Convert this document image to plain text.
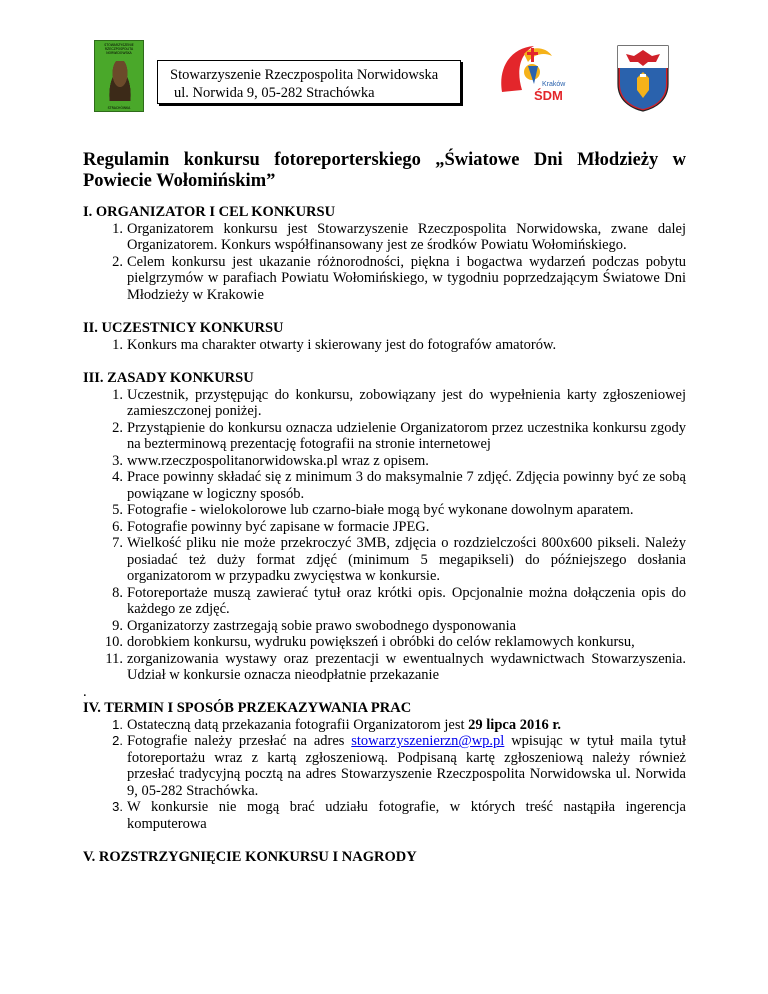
STOWARZYSZENIE RZECZPOSPOLITA NORWIDOWSKA
STRACHÓWKA
Stowarzyszenie Rzeczpospolita Norwidowska
ul. Norwida 9, 05-282 Strachówka
Kraków
ŚDM
Regulamin konkursu fotoreporterskiego „Światowe Dni Młodzieży w
Powiecie Wołomińskim”

I. ORGANIZATOR I CEL KONKURSU

1. Organizatorem konkursu jest Stowarzyszenie Rzeczpospolita Norwidowska, zwane dalej Organizatorem. Konkurs współfinansowany jest ze środków Powiatu Wołomińskiego.
2. Celem konkursu jest ukazanie różnorodności, piękna i bogactwa wydarzeń podczas pobytu pielgrzymów w parafiach Powiatu Wołomińskiego, w tygodniu poprzedzającym Światowe Dni Młodzieży w Krakowie

II. UCZESTNICY KONKURSU

1. Konkurs ma charakter otwarty i skierowany jest do fotografów amatorów.

III. ZASADY KONKURSU

1. Uczestnik, przystępując do konkursu, zobowiązany jest do wypełnienia karty zgłoszeniowej zamieszczonej poniżej.
2. Przystąpienie do konkursu oznacza udzielenie Organizatorom przez uczestnika konkursu zgody na bezterminową prezentację fotografii na stronie internetowej
3. www.rzeczpospolitanorwidowska.pl wraz z opisem.
4. Prace powinny składać się z minimum 3 do maksymalnie 7 zdjęć. Zdjęcia powinny być ze sobą powiązane w logiczny sposób.
5. Fotografie - wielokolorowe lub czarno-białe mogą być wykonane dowolnym aparatem.
6. Fotografie powinny być zapisane w formacie JPEG.
7. Wielkość pliku nie może przekroczyć 3MB, zdjęcia o rozdzielczości 800x600 pikseli. Należy posiadać też duży format zdjęć (minimum 5 megapikseli) do późniejszego dosłania organizatorom w przypadku zwycięstwa w konkursie.
8. Fotoreportaże muszą zawierać tytuł oraz krótki opis. Opcjonalnie można dołączenia opis do każdego ze zdjęć.
9. Organizatorzy zastrzegają sobie prawo swobodnego dysponowania
10. dorobkiem konkursu, wydruku powiększeń i obróbki do celów reklamowych konkursu,
11. zorganizowania wystawy oraz prezentacji w ewentualnych wydawnictwach Stowarzyszenia. Udział w konkursie oznacza nieodpłatnie przekazanie
.

IV. TERMIN I SPOSÓB PRZEKAZYWANIA PRAC

1. Ostateczną datą przekazania fotografii Organizatorom jest 29 lipca 2016 r.
2. Fotografie należy przesłać na adres stowarzyszenierzn@wp.pl wpisując w tytuł maila tytuł fotoreportażu wraz z kartą zgłoszeniową. Podpisaną kartę zgłoszeniową należy również przesłać tradycyjną pocztą na adres Stowarzyszenie Rzeczpospolita Norwidowska ul. Norwida 9, 05-282 Strachówka.
3. W konkursie nie mogą brać udziału fotografie, w których treść nastąpiła ingerencja komputerowa

V. ROZSTRZYGNIĘCIE KONKURSU I NAGRODY
